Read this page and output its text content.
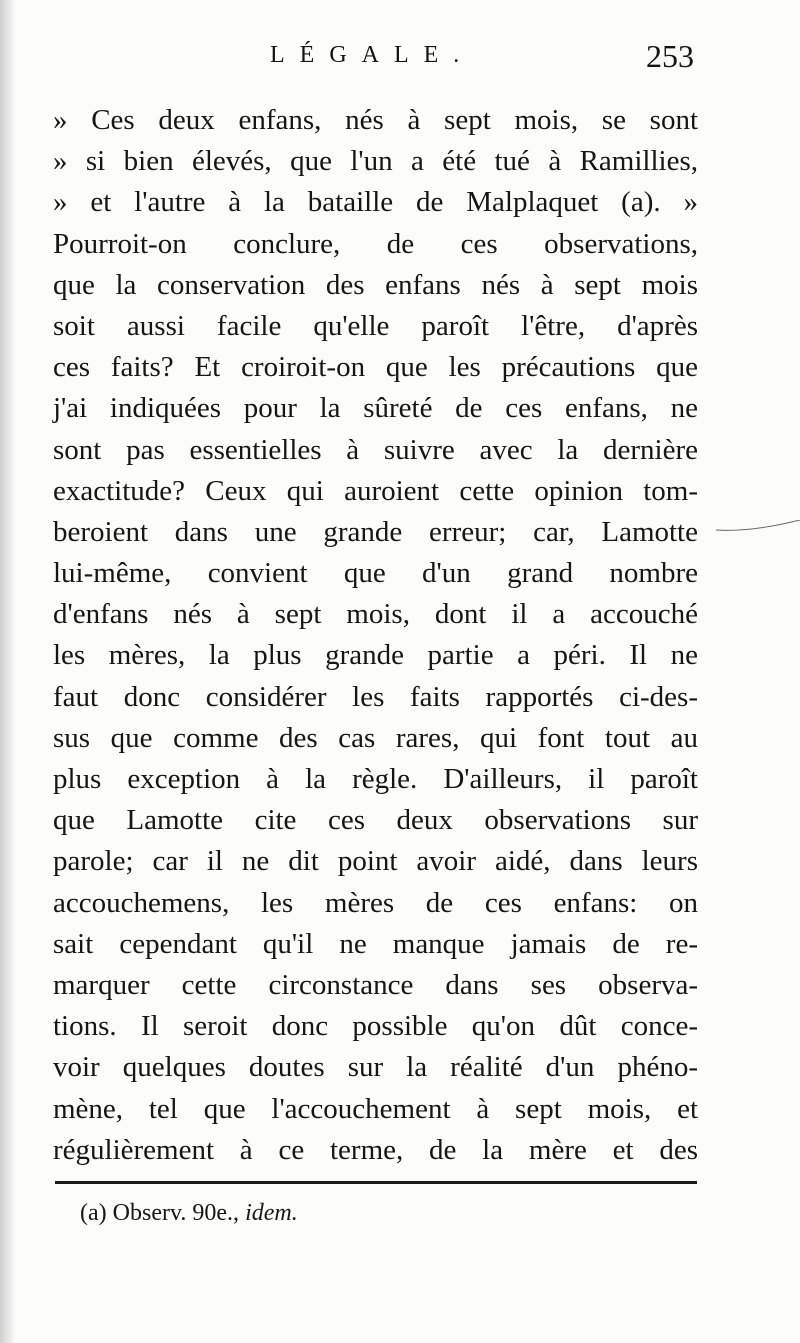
LÉGALE.	253
» Ces deux enfans, nés à sept mois, se sont
» si bien élevés, que l'un a été tué à Ramillies,
» et l'autre à la bataille de Malplaquet (a). »
Pourroit-on conclure, de ces observations,
que la conservation des enfans nés à sept mois
soit aussi facile qu'elle paroît l'être, d'après
ces faits? Et croiroit-on que les précautions que
j'ai indiquées pour la sûreté de ces enfans, ne
sont pas essentielles à suivre avec la dernière
exactitude? Ceux qui auroient cette opinion tom-
beroient dans une grande erreur; car, Lamotte
lui-même, convient que d'un grand nombre
d'enfans nés à sept mois, dont il a accouché
les mères, la plus grande partie a péri. Il ne
faut donc considérer les faits rapportés ci-des-
sus que comme des cas rares, qui font tout au
plus exception à la règle. D'ailleurs, il paroît
que Lamotte cite ces deux observations sur
parole; car il ne dit point avoir aidé, dans leurs
accouchemens, les mères de ces enfans: on
sait cependant qu'il ne manque jamais de re-
marquer cette circonstance dans ses observa-
tions. Il seroit donc possible qu'on dût conce-
voir quelques doutes sur la réalité d'un phéno-
mène, tel que l'accouchement à sept mois, et
régulièrement à ce terme, de la mère et des
(a) Observ. 90e., idem.
